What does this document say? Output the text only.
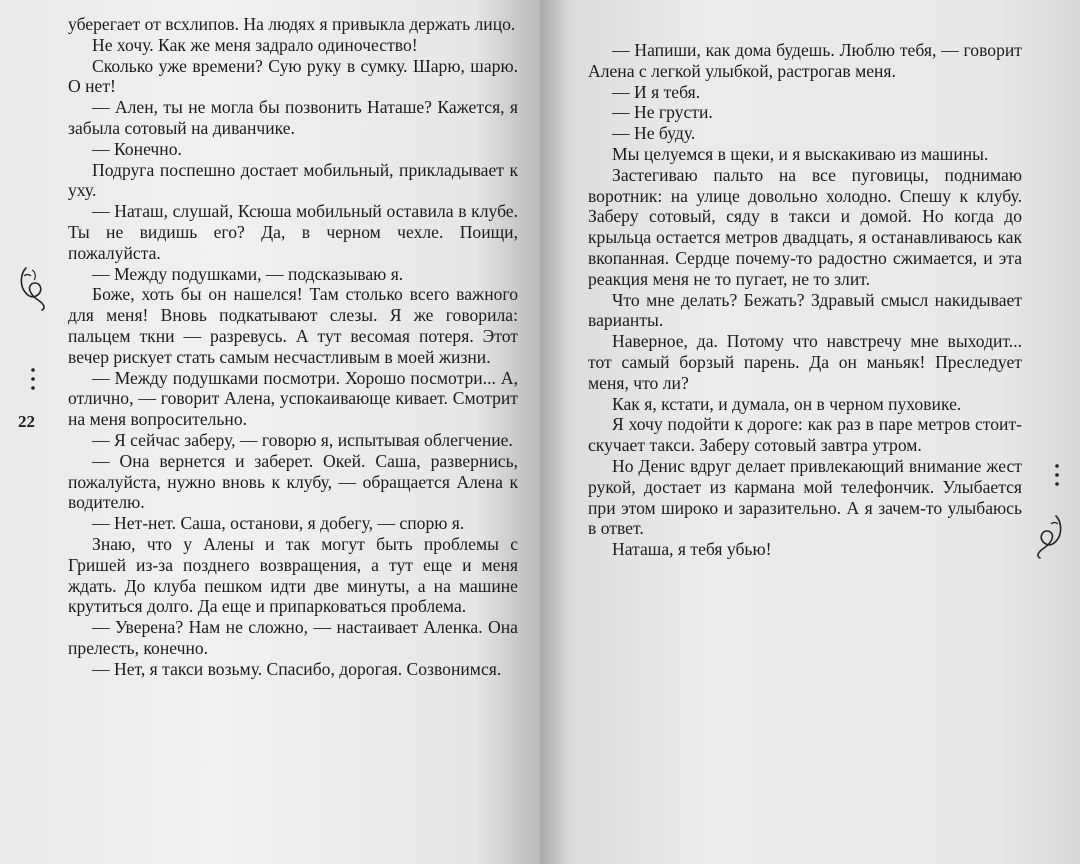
уберегает от всхлипов. На людях я привыкла держать лицо.

Не хочу. Как же меня задрало одиночество!

Сколько уже времени? Сую руку в сумку. Шарю, шарю. О нет!

— Ален, ты не могла бы позвонить Наташе? Кажется, я забыла сотовый на диванчике.

— Конечно.

Подруга поспешно достает мобильный, прикладывает к уху.

— Наташ, слушай, Ксюша мобильный оставила в клубе. Ты не видишь его? Да, в черном чехле. Поищи, пожалуйста.

— Между подушками, — подсказываю я.

Боже, хоть бы он нашелся! Там столько всего важного для меня! Вновь подкатывают слезы. Я же говорила: пальцем ткни — разревусь. А тут весомая потеря. Этот вечер рискует стать самым несчастливым в моей жизни.

— Между подушками посмотри. Хорошо посмотри... А, отлично, — говорит Алена, успокаивающе кивает. Смотрит на меня вопросительно.

— Я сейчас заберу, — говорю я, испытывая облегчение.

— Она вернется и заберет. Окей. Саша, развернись, пожалуйста, нужно вновь к клубу, — обращается Алена к водителю.

— Нет-нет. Саша, останови, я добегу, — спорю я.

Знаю, что у Алены и так могут быть проблемы с Гришей из-за позднего возвращения, а тут еще и меня ждать. До клуба пешком идти две минуты, а на машине крутиться долго. Да еще и припарковаться проблема.

— Уверена? Нам не сложно, — настаивает Аленка. Она прелесть, конечно.

— Нет, я такси возьму. Спасибо, дорогая. Созвонимся.

22

— Напиши, как дома будешь. Люблю тебя, — говорит Алена с легкой улыбкой, растрогав меня.

— И я тебя.

— Не грусти.

— Не буду.

Мы целуемся в щеки, и я выскакиваю из машины.

Застегиваю пальто на все пуговицы, поднимаю воротник: на улице довольно холодно. Спешу к клубу. Заберу сотовый, сяду в такси и домой. Но когда до крыльца остается метров двадцать, я останавливаюсь как вкопанная. Сердце почему-то радостно сжимается, и эта реакция меня не то пугает, не то злит.

Что мне делать? Бежать? Здравый смысл накидывает варианты.

Наверное, да. Потому что навстречу мне выходит... тот самый борзый парень. Да он маньяк! Преследует меня, что ли?

Как я, кстати, и думала, он в черном пуховике.

Я хочу подойти к дороге: как раз в паре метров стоит-скучает такси. Заберу сотовый завтра утром.

Но Денис вдруг делает привлекающий внимание жест рукой, достает из кармана мой телефончик. Улыбается при этом широко и заразительно. А я зачем-то улыбаюсь в ответ.

Наташа, я тебя убью!
